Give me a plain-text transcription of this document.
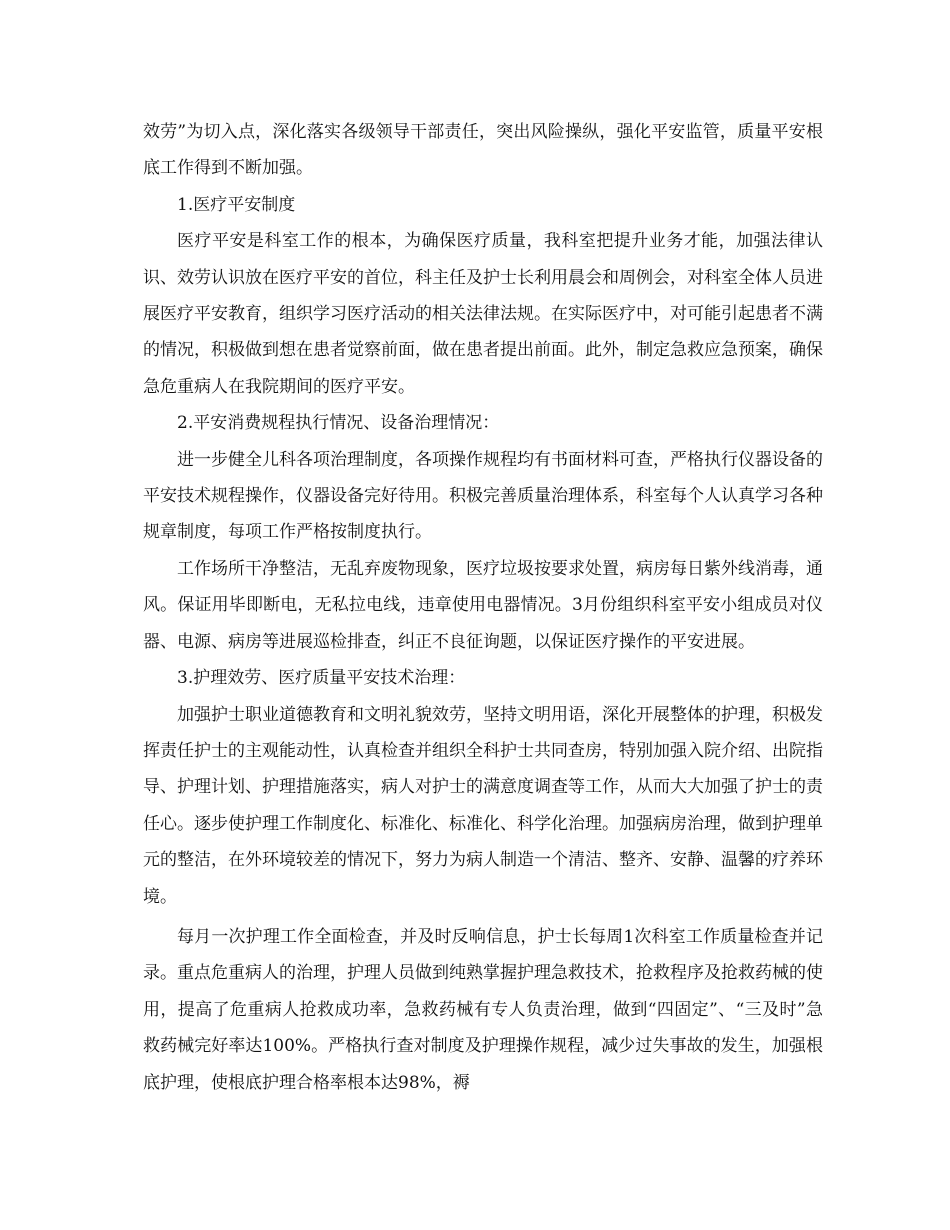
效劳”为切入点，深化落实各级领导干部责任，突出风险操纵，强化平安监管，质量平安根底工作得到不断加强。

1.医疗平安制度

医疗平安是科室工作的根本，为确保医疗质量，我科室把提升业务才能，加强法律认识、效劳认识放在医疗平安的首位，科主任及护士长利用晨会和周例会，对科室全体人员进展医疗平安教育，组织学习医疗活动的相关法律法规。在实际医疗中，对可能引起患者不满的情况，积极做到想在患者觉察前面，做在患者提出前面。此外，制定急救应急预案，确保急危重病人在我院期间的医疗平安。

2.平安消费规程执行情况、设备治理情况：

进一步健全儿科各项治理制度，各项操作规程均有书面材料可查，严格执行仪器设备的平安技术规程操作，仪器设备完好待用。积极完善质量治理体系，科室每个人认真学习各种规章制度，每项工作严格按制度执行。

工作场所干净整洁，无乱弃废物现象，医疗垃圾按要求处置，病房每日紫外线消毒，通风。保证用毕即断电，无私拉电线，违章使用电器情况。3月份组织科室平安小组成员对仪器、电源、病房等进展巡检排查，纠正不良征询题，以保证医疗操作的平安进展。

3.护理效劳、医疗质量平安技术治理：

加强护士职业道德教育和文明礼貌效劳，坚持文明用语，深化开展整体的护理，积极发挥责任护士的主观能动性，认真检查并组织全科护士共同查房，特别加强入院介绍、出院指导、护理计划、护理措施落实，病人对护士的满意度调查等工作，从而大大加强了护士的责任心。逐步使护理工作制度化、标准化、标准化、科学化治理。加强病房治理，做到护理单元的整洁，在外环境较差的情况下，努力为病人制造一个清洁、整齐、安静、温馨的疗养环境。

每月一次护理工作全面检查，并及时反响信息，护士长每周1次科室工作质量检查并记录。重点危重病人的治理，护理人员做到纯熟掌握护理急救技术，抢救程序及抢救药械的使用，提高了危重病人抢救成功率，急救药械有专人负责治理，做到“四固定”、“三及时”急救药械完好率达100%。严格执行查对制度及护理操作规程，减少过失事故的发生，加强根底护理，使根底护理合格率根本达98%，褥
